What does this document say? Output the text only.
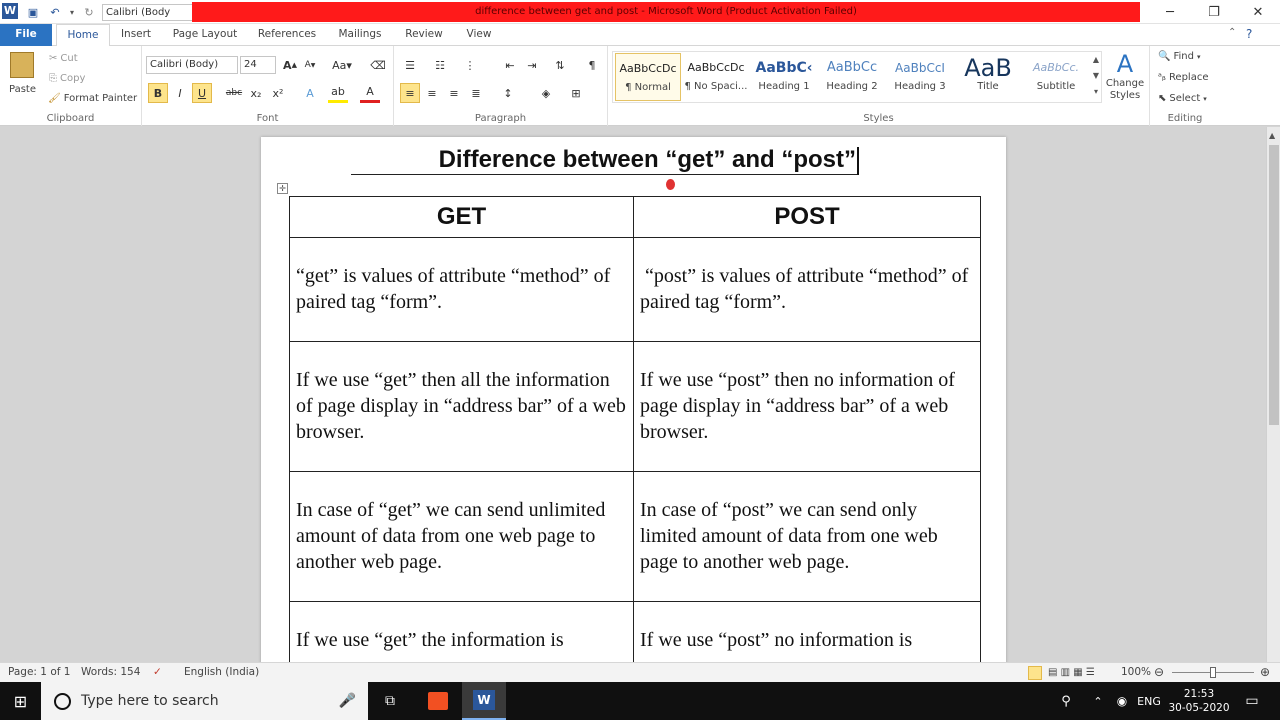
W	▣	↶	▾ ↻	Calibri (Body	difference between get and post - Microsoft Word (Product Activation Failed)	─	❐	✕
File	Home	Insert	Page Layout	References	Mailings	Review	View	⌃ ?
Paste
✂ Cut
⎘ Copy
🖌 Format Painter
Clipboard
Calibri (Body)	24	A ▲ A ▼ Aa▾ ⌫
B	I	U	abc x₂	x²	A	ab	A
Font
☰	☷	⋮	⇤	⇥	⇅	¶
≡	≡	≡	≣	↕	◈	⊞
Paragraph
AaBbCcDc
¶ Normal
AaBbCcDc
¶ No Spaci...
AaBbC‹
Heading 1
AaBbCc
Heading 2
AaBbCcI
Heading 3
AaB
Title
AaBbCc.
Subtitle
▲
▼
▾
A
Change Styles
Styles
🔍 Find ▾
ᵃᵦ Replace
⬉ Select ▾
Editing
Difference between “get” and “post”
✛
GET	POST
“get” is values of attribute “method” of paired tag “form”.	“post” is values of attribute “method” of paired tag “form”.
If we use “get” then all the information of page display in “address bar” of a web browser.	If we use “post” then no information of page display in “address bar” of a web browser.
In case of “get” we can send unlimited amount of data from one web page to another web page.	In case of “post” we can send only limited amount of data from one web page to another web page.
If we use “get” the information is	If we use “post” no information is
▲
Page: 1 of 1 Words: 154 ✓ English (India)	▤ ▥ ▦ ☰ 100% ⊖	⊕
⊞	Type here to search	🎤	⧉	W	⚲	⌃	◉ ENG
21:53
30-05-2020	▭
